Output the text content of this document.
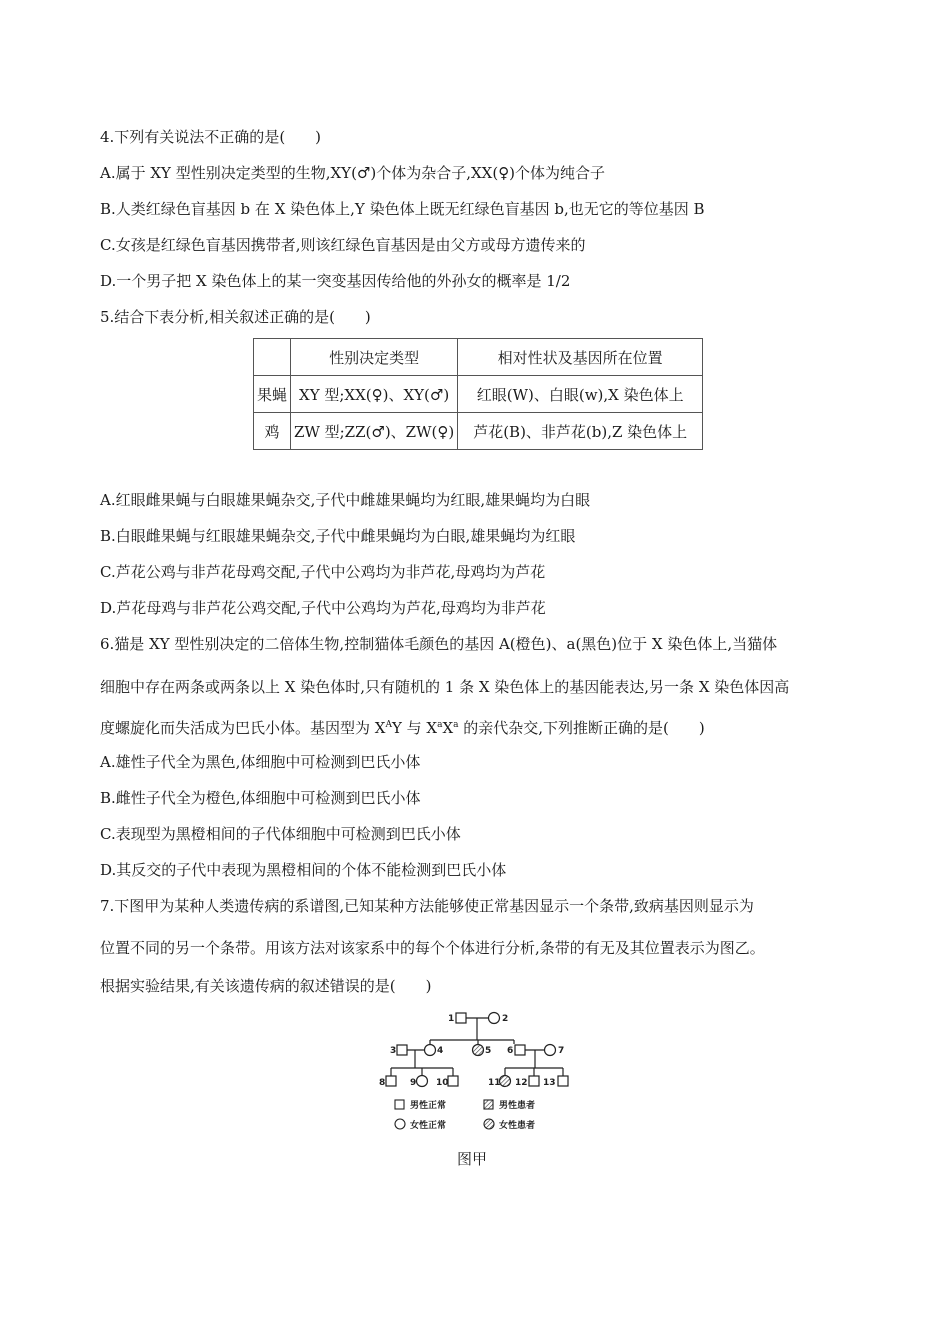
4.下列有关说法不正确的是(　　)
A.属于 XY 型性别决定类型的生物,XY(♂)个体为杂合子,XX(♀)个体为纯合子
B.人类红绿色盲基因 b 在 X 染色体上,Y 染色体上既无红绿色盲基因 b,也无它的等位基因 B
C.女孩是红绿色盲基因携带者,则该红绿色盲基因是由父方或母方遗传来的
D.一个男子把 X 染色体上的某一突变基因传给他的外孙女的概率是 1/2
5.结合下表分析,相关叙述正确的是(　　)
	性别决定类型	相对性状及基因所在位置
果蝇	XY 型;XX(♀)、XY(♂)	红眼(W)、白眼(w),X 染色体上
鸡	ZW 型;ZZ(♂)、ZW(♀)	芦花(B)、非芦花(b),Z 染色体上
A.红眼雌果蝇与白眼雄果蝇杂交,子代中雌雄果蝇均为红眼,雄果蝇均为白眼
B.白眼雌果蝇与红眼雄果蝇杂交,子代中雌果蝇均为白眼,雄果蝇均为红眼
C.芦花公鸡与非芦花母鸡交配,子代中公鸡均为非芦花,母鸡均为芦花
D.芦花母鸡与非芦花公鸡交配,子代中公鸡均为芦花,母鸡均为非芦花
6.猫是 XY 型性别决定的二倍体生物,控制猫体毛颜色的基因 A(橙色)、a(黑色)位于 X 染色体上,当猫体
细胞中存在两条或两条以上 X 染色体时,只有随机的 1 条 X 染色体上的基因能表达,另一条 X 染色体因高
度螺旋化而失活成为巴氏小体。基因型为 $X^AY$ 与 $X^aX^a$ 的亲代杂交,下列推断正确的是(　　)
A.雄性子代全为黑色,体细胞中可检测到巴氏小体
B.雌性子代全为橙色,体细胞中可检测到巴氏小体
C.表现型为黑橙相间的子代体细胞中可检测到巴氏小体
D.其反交的子代中表现为黑橙相间的个体不能检测到巴氏小体
7.下图甲为某种人类遗传病的系谱图,已知某种方法能够使正常基因显示一个条带,致病基因则显示为
位置不同的另一个条带。用该方法对该家系中的每个个体进行分析,条带的有无及其位置表示为图乙。
根据实验结果,有关该遗传病的叙述错误的是(　　)
1	2
3	4	5 6	7
8	9 10	11 12 13
男性正常	男性患者
女性正常	女性患者
图甲
